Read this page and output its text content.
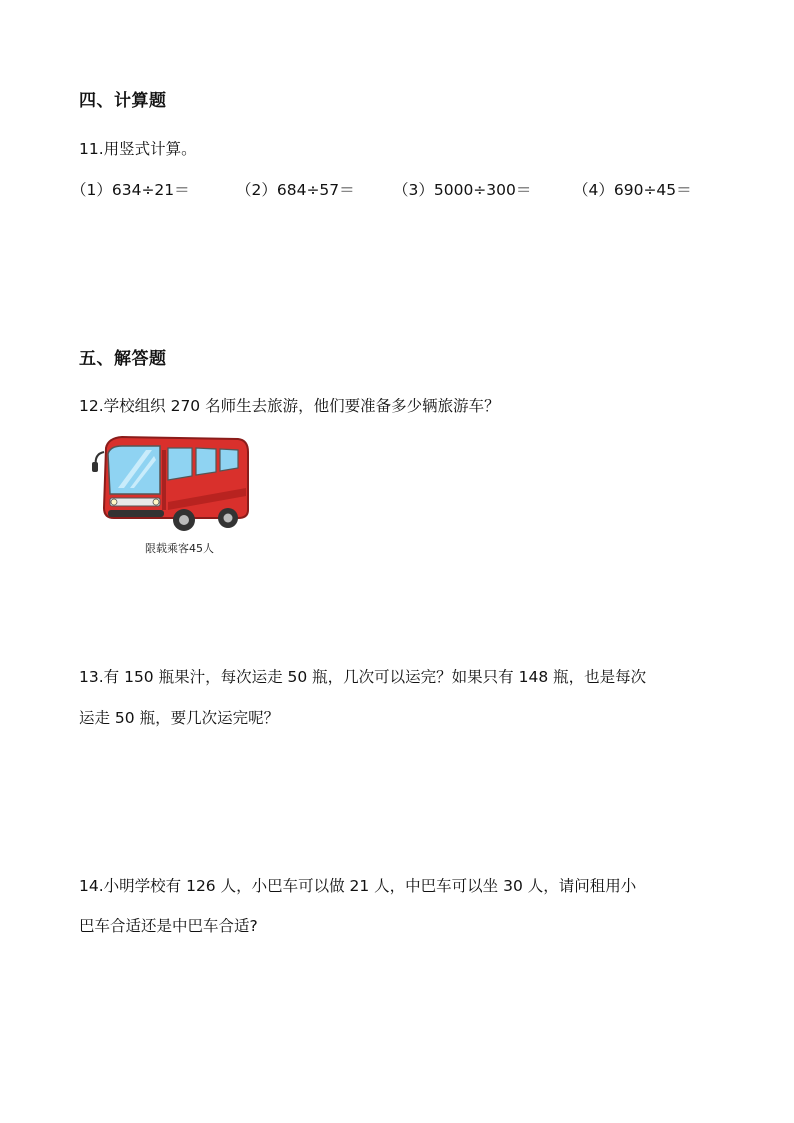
四、计算题
11.用竖式计算。
（1）634÷21＝	（2）684÷57＝ （3）5000÷300＝	（4）690÷45＝
五、解答题
12.学校组织 270 名师生去旅游，他们要准备多少辆旅游车？
限载乘客45人
13.有 150 瓶果汁，每次运走 50 瓶，几次可以运完？如果只有 148 瓶，也是每次
运走 50 瓶，要几次运完呢？
14.小明学校有 126 人，小巴车可以做 21 人，中巴车可以坐 30 人，请问租用小
巴车合适还是中巴车合适?
